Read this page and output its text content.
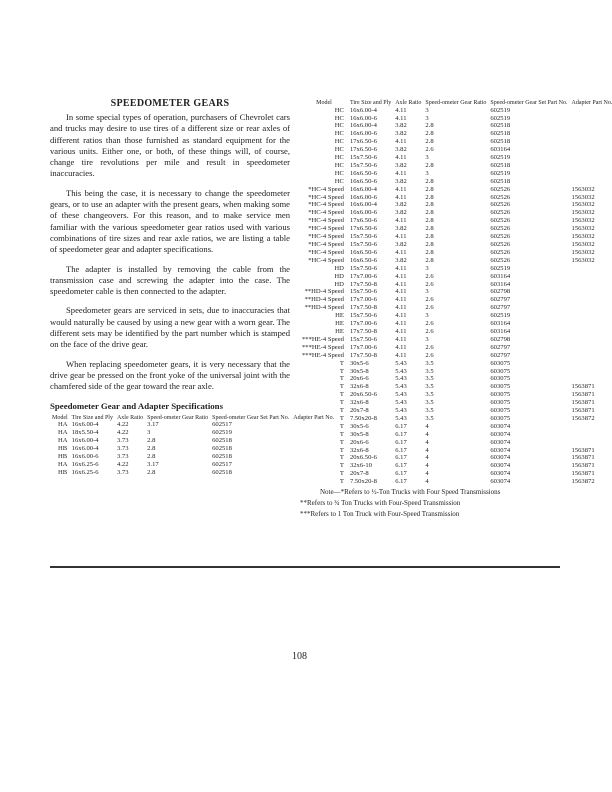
SPEEDOMETER GEARS

In some special types of operation, purchasers of Chevrolet cars and trucks may desire to use tires of a different size or rear axles of different ratios than those furnished as standard equipment for the various units. Either one, or both, of these things will, of course, change tire revolutions per mile and result in speedometer inaccuracies.

This being the case, it is necessary to change the speedometer gears, or to use an adapter with the present gears, when making some of these changeovers. For this reason, and to make service men familiar with the various speedometer gear ratios used with various combinations of tire sizes and rear axle ratios, we are listing a table of speedometer gear and adapter specifications.

The adapter is installed by removing the cable from the transmission case and screwing the adapter into the case. The speedometer cable is then connected to the adapter.

Speedometer gears are serviced in sets, due to inaccuracies that would naturally be caused by using a new gear with a worn gear. The different sets may be identified by the part number which is stamped on the face of the drive gear.

When replacing speedometer gears, it is very necessary that the drive gear be pressed on the front yoke of the universal joint with the chamfered side of the gear toward the rear axle.

Speedometer Gear and Adapter Specifications
Model	Tire Size and Ply	Axle Ratio	Speed-ometer Gear Ratio	Speed-ometer Gear Set Part No.	Adapter Part No.
HA	16x6.00-4	4.22	3.17	602517	
HA	18x5.50-4	4.22	3	602519	
HA	16x6.00-4	3.73	2.8	602518	
HB	16x6.00-4	3.73	2.8	602518	
HB	16x6.00-6	3.73	2.8	602518	
HA	16x6.25-6	4.22	3.17	602517	
HB	16x6.25-6	3.73	2.8	602518	
Model	Tire Size and Ply	Axle Ratio	Speed-ometer Gear Ratio	Speed-ometer Gear Set Part No.	Adapter Part No.
HC	16x6.00-4	4.11	3	602519	
HC	16x6.00-6	4.11	3	602519	
HC	16x6.00-4	3.82	2.8	602518	
HC	16x6.00-6	3.82	2.8	602518	
HC	17x6.50-6	4.11	2.8	602518	
HC	17x6.50-6	3.82	2.6	603164	
HC	15x7.50-6	4.11	3	602519	
HC	15x7.50-6	3.82	2.8	602518	
HC	16x6.50-6	4.11	3	602519	
HC	16x6.50-6	3.82	2.8	602518	
*HC-4 Speed	16x6.00-4	4.11	2.8	602526	1563032
*HC-4 Speed	16x6.00-6	4.11	2.8	602526	1563032
*HC-4 Speed	16x6.00-4	3.82	2.8	602526	1563032
*HC-4 Speed	16x6.00-6	3.82	2.8	602526	1563032
*HC-4 Speed	17x6.50-6	4.11	2.8	602526	1563032
*HC-4 Speed	17x6.50-6	3.82	2.8	602526	1563032
*HC-4 Speed	15x7.50-6	4.11	2.8	602526	1563032
*HC-4 Speed	15x7.50-6	3.82	2.8	602526	1563032
*HC-4 Speed	16x6.50-6	4.11	2.8	602526	1563032
*HC-4 Speed	16x6.50-6	3.82	2.8	602526	1563032
HD	15x7.50-6	4.11	3	602519	
HD	17x7.00-6	4.11	2.6	603164	
HD	17x7.50-8	4.11	2.6	603164	
**HD-4 Speed	15x7.50-6	4.11	3	602798	
**HD-4 Speed	17x7.00-6	4.11	2.6	602797	
**HD-4 Speed	17x7.50-8	4.11	2.6	602797	
HE	15x7.50-6	4.11	3	602519	
HE	17x7.00-6	4.11	2.6	603164	
HE	17x7.50-8	4.11	2.6	603164	
***HE-4 Speed	15x7.50-6	4.11	3	602798	
***HE-4 Speed	17x7.00-6	4.11	2.6	602797	
***HE-4 Speed	17x7.50-8	4.11	2.6	602797	
T	30x5-6	5.43	3.5	603075	
T	30x5-8	5.43	3.5	603075	
T	20x6-6	5.43	3.5	603075	
T	32x6-8	5.43	3.5	603075	1563871
T	20x6.50-6	5.43	3.5	603075	1563871
T	32x6-8	5.43	3.5	603075	1563871
T	20x7-8	5.43	3.5	603075	1563871
T	7.50x20-8	5.43	3.5	603075	1563872
T	30x5-6	6.17	4	603074	
T	30x5-8	6.17	4	603074	
T	20x6-6	6.17	4	603074	
T	32x6-8	6.17	4	603074	1563871
T	20x6.50-6	6.17	4	603074	1563871
T	32x6-10	6.17	4	603074	1563871
T	20x7-8	6.17	4	603074	1563871
T	7.50x20-8	6.17	4	603074	1563872
Note—*Refers to ½-Ton Trucks with Four Speed Transmissions
**Refers to ¾ Ton Trucks with Four-Speed Transmission
***Refers to 1 Ton Truck with Four-Speed Transmission
108
